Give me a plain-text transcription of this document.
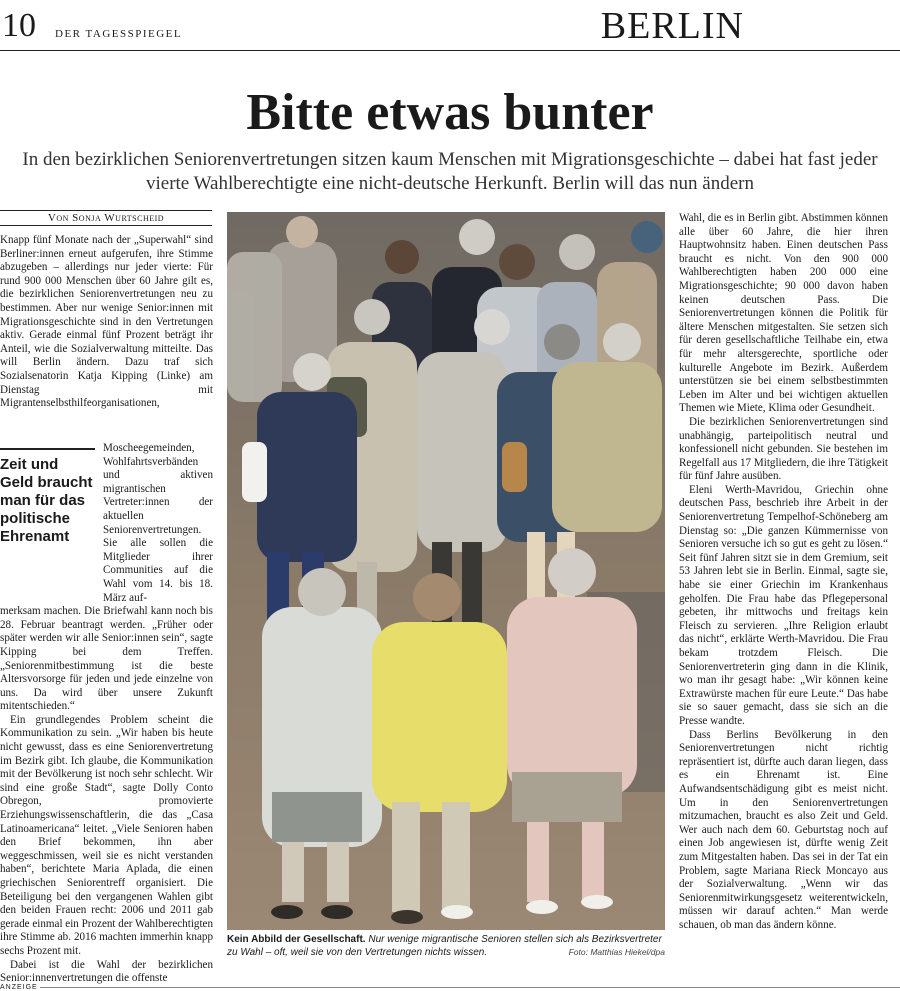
10 DER TAGESSPIEGEL	BERLIN
Bitte etwas bunter
In den bezirklichen Seniorenvertretungen sitzen kaum Menschen mit Migrationsgeschichte – dabei hat fast jeder vierte Wahlberechtigte eine nicht-deutsche Herkunft. Berlin will das nun ändern
Von Sonja Wurtscheid

Knapp fünf Monate nach der „Superwahl“ sind Berliner:innen erneut aufgerufen, ihre Stimme abzugeben – allerdings nur jeder vierte: Für rund 900 000 Menschen über 60 Jahre gilt es, die bezirklichen Seniorenvertretungen neu zu bestimmen. Aber nur wenige Senior:innen mit Migrationsgeschichte sind in den Vertretungen aktiv. Gerade einmal fünf Prozent beträgt ihr Anteil, wie die Sozialverwaltung mitteilte. Das will Berlin ändern. Dazu traf sich Sozialsenatorin Katja Kipping (Linke) am Dienstag mit Migrantenselbsthilfeorganisationen,

Moscheegemeinden, Wohlfahrtsverbänden und aktiven migrantischen Vertreter:innen der aktuellen Seniorenvertretungen. Sie alle sollen die Mitglieder ihrer Communities auf die Wahl vom 14. bis 18. März auf-

merksam machen. Die Briefwahl kann noch bis 28. Februar beantragt werden. „Früher oder später werden wir alle Senior:innen sein“, sagte Kipping bei dem Treffen. „Seniorenmitbestimmung ist die beste Altersvorsorge für jeden und jede einzelne von uns. Da wird über unsere Zukunft mitentschieden.“

Ein grundlegendes Problem scheint die Kommunikation zu sein. „Wir haben bis heute nicht gewusst, dass es eine Seniorenvertretung im Bezirk gibt. Ich glaube, die Kommunikation mit der Bevölkerung ist noch sehr schlecht. Wir sind eine große Stadt“, sagte Dolly Conto Obregon, promovierte Erziehungswissenschaftlerin, die das „Casa Latinoamericana“ leitet. „Viele Senioren haben den Brief bekommen, ihn aber weggeschmissen, weil sie es nicht verstanden haben“, berichtete Maria Aplada, die einen griechischen Seniorentreff organisiert. Die Beteiligung bei den vergangenen Wahlen gibt den beiden Frauen recht: 2006 und 2011 gab gerade einmal ein Prozent der Wahlberechtigten ihre Stimme ab. 2016 machten immerhin knapp sechs Prozent mit.

Dabei ist die Wahl der bezirklichen Senior:innenvertretungen die offenste

Zeit und Geld braucht man für das politische Ehrenamt
Kein Abbild der Gesellschaft. Nur wenige migrantische Senioren stellen sich als Bezirksvertreter zu Wahl – oft, weil sie von den Vertretungen nichts wissen.	Foto: Matthias Hiekel/dpa

Wahl, die es in Berlin gibt. Abstimmen können alle über 60 Jahre, die hier ihren Hauptwohnsitz haben. Einen deutschen Pass braucht es nicht. Von den 900 000 Wahlberechtigten haben 200 000 eine Migrationsgeschichte; 90 000 davon haben keinen deutschen Pass. Die Seniorenvertretungen können die Politik für ältere Menschen mitgestalten. Sie setzen sich für deren gesellschaftliche Teilhabe ein, etwa für mehr altersgerechte, sportliche oder kulturelle Angebote im Bezirk. Außerdem unterstützen sie bei einem selbstbestimmten Leben im Alter und bei wichtigen aktuellen Themen wie Miete, Klima oder Gesundheit.

Die bezirklichen Seniorenvertretungen sind unabhängig, parteipolitisch neutral und konfessionell nicht gebunden. Sie bestehen im Regelfall aus 17 Mitgliedern, die ihre Tätigkeit für fünf Jahre ausüben.

Eleni Werth-Mavridou, Griechin ohne deutschen Pass, beschrieb ihre Arbeit in der Seniorenvertretung Tempelhof-Schöneberg am Dienstag so: „Die ganzen Kümmernisse von Senioren versuche ich so gut es geht zu lösen.“ Seit fünf Jahren sitzt sie in dem Gremium, seit 53 Jahren lebt sie in Berlin. Einmal, sagte sie, habe sie einer Griechin im Krankenhaus geholfen. Die Frau habe das Pflegepersonal gebeten, ihr mittwochs und freitags kein Fleisch zu servieren. „Ihre Religion erlaubt das nicht“, erklärte Werth-Mavridou. Die Frau bekam trotzdem Fleisch. Die Seniorenvertreterin ging dann in die Klinik, wo man ihr gesagt habe: „Wir können keine Extrawürste machen für eure Leute.“ Das habe sie so sauer gemacht, dass sie sich an die Presse wandte.

Dass Berlins Bevölkerung in den Seniorenvertretungen nicht richtig repräsentiert ist, dürfte auch daran liegen, dass es ein Ehrenamt ist. Eine Aufwandsentschädigung gibt es meist nicht. Um in den Seniorenvertretungen mitzumachen, braucht es also Zeit und Geld. Wer auch nach dem 60. Geburtstag noch auf einen Job angewiesen ist, dürfte wenig Zeit zum Mitgestalten haben. Das sei in der Tat ein Problem, sagte Mariana Rieck Moncayo aus der Sozialverwaltung. „Wenn wir das Seniorenmitwirkungsgesetz weiterentwickeln, müssen wir darauf achten.“ Man werde schauen, ob man das ändern könne.

ANZEIGE
